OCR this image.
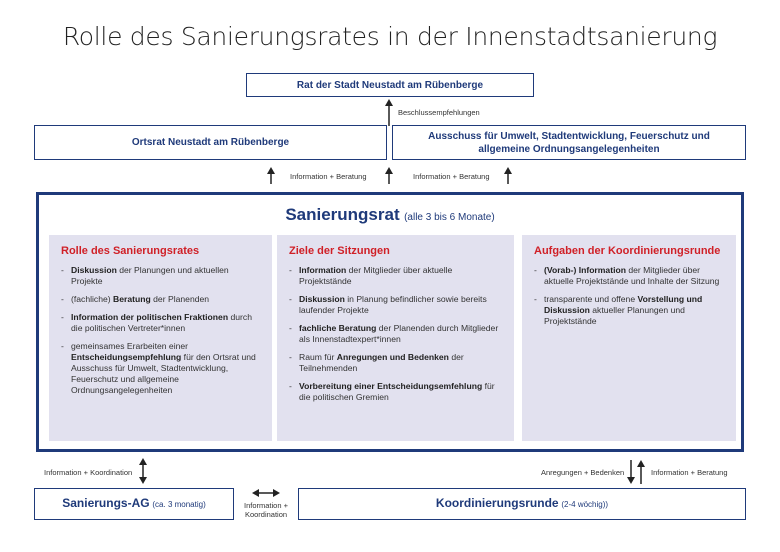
Rolle des Sanierungsrates in der Innenstadtsanierung
Rat der Stadt Neustadt am Rübenberge
Beschlussempfehlungen
Ortsrat Neustadt am Rübenberge
Ausschuss für Umwelt, Stadtentwicklung, Feuerschutz und
allgemeine Ordnungsangelegenheiten
Information + Beratung	Information + Beratung
Sanierungsrat (alle 3 bis 6 Monate)
Rolle des Sanierungsrates
- Diskussion der Planungen und aktuellen Projekte
- (fachliche) Beratung der Planenden
- Information der politischen Fraktionen durch die politischen Vertreter*innen
- gemeinsames Erarbeiten einer Entscheidungsempfehlung für den Ortsrat und Ausschuss für Umwelt, Stadtentwicklung, Feuerschutz und allgemeine Ordnungsangelegenheiten
Ziele der Sitzungen
- Information der Mitglieder über aktuelle Projektstände
- Diskussion in Planung befindlicher sowie bereits laufender Projekte
- fachliche Beratung der Planenden durch Mitglieder als Innenstadtexpert*innen
- Raum für Anregungen und Bedenken der Teilnehmenden
- Vorbereitung einer Entscheidungsemfehlung für die politischen Gremien
Aufgaben der Koordinierungsrunde
- (Vorab-) Information der Mitglieder über aktuelle Projektstände und Inhalte der Sitzung
- transparente und offene Vorstellung und Diskussion aktueller Planungen und Projektstände
Information + Koordination	Anregungen + Bedenken	Information + Beratung
Sanierungs-AG (ca. 3 monatig)	Information +
Koordination
Koordinierungsrunde (2-4 wöchig))
